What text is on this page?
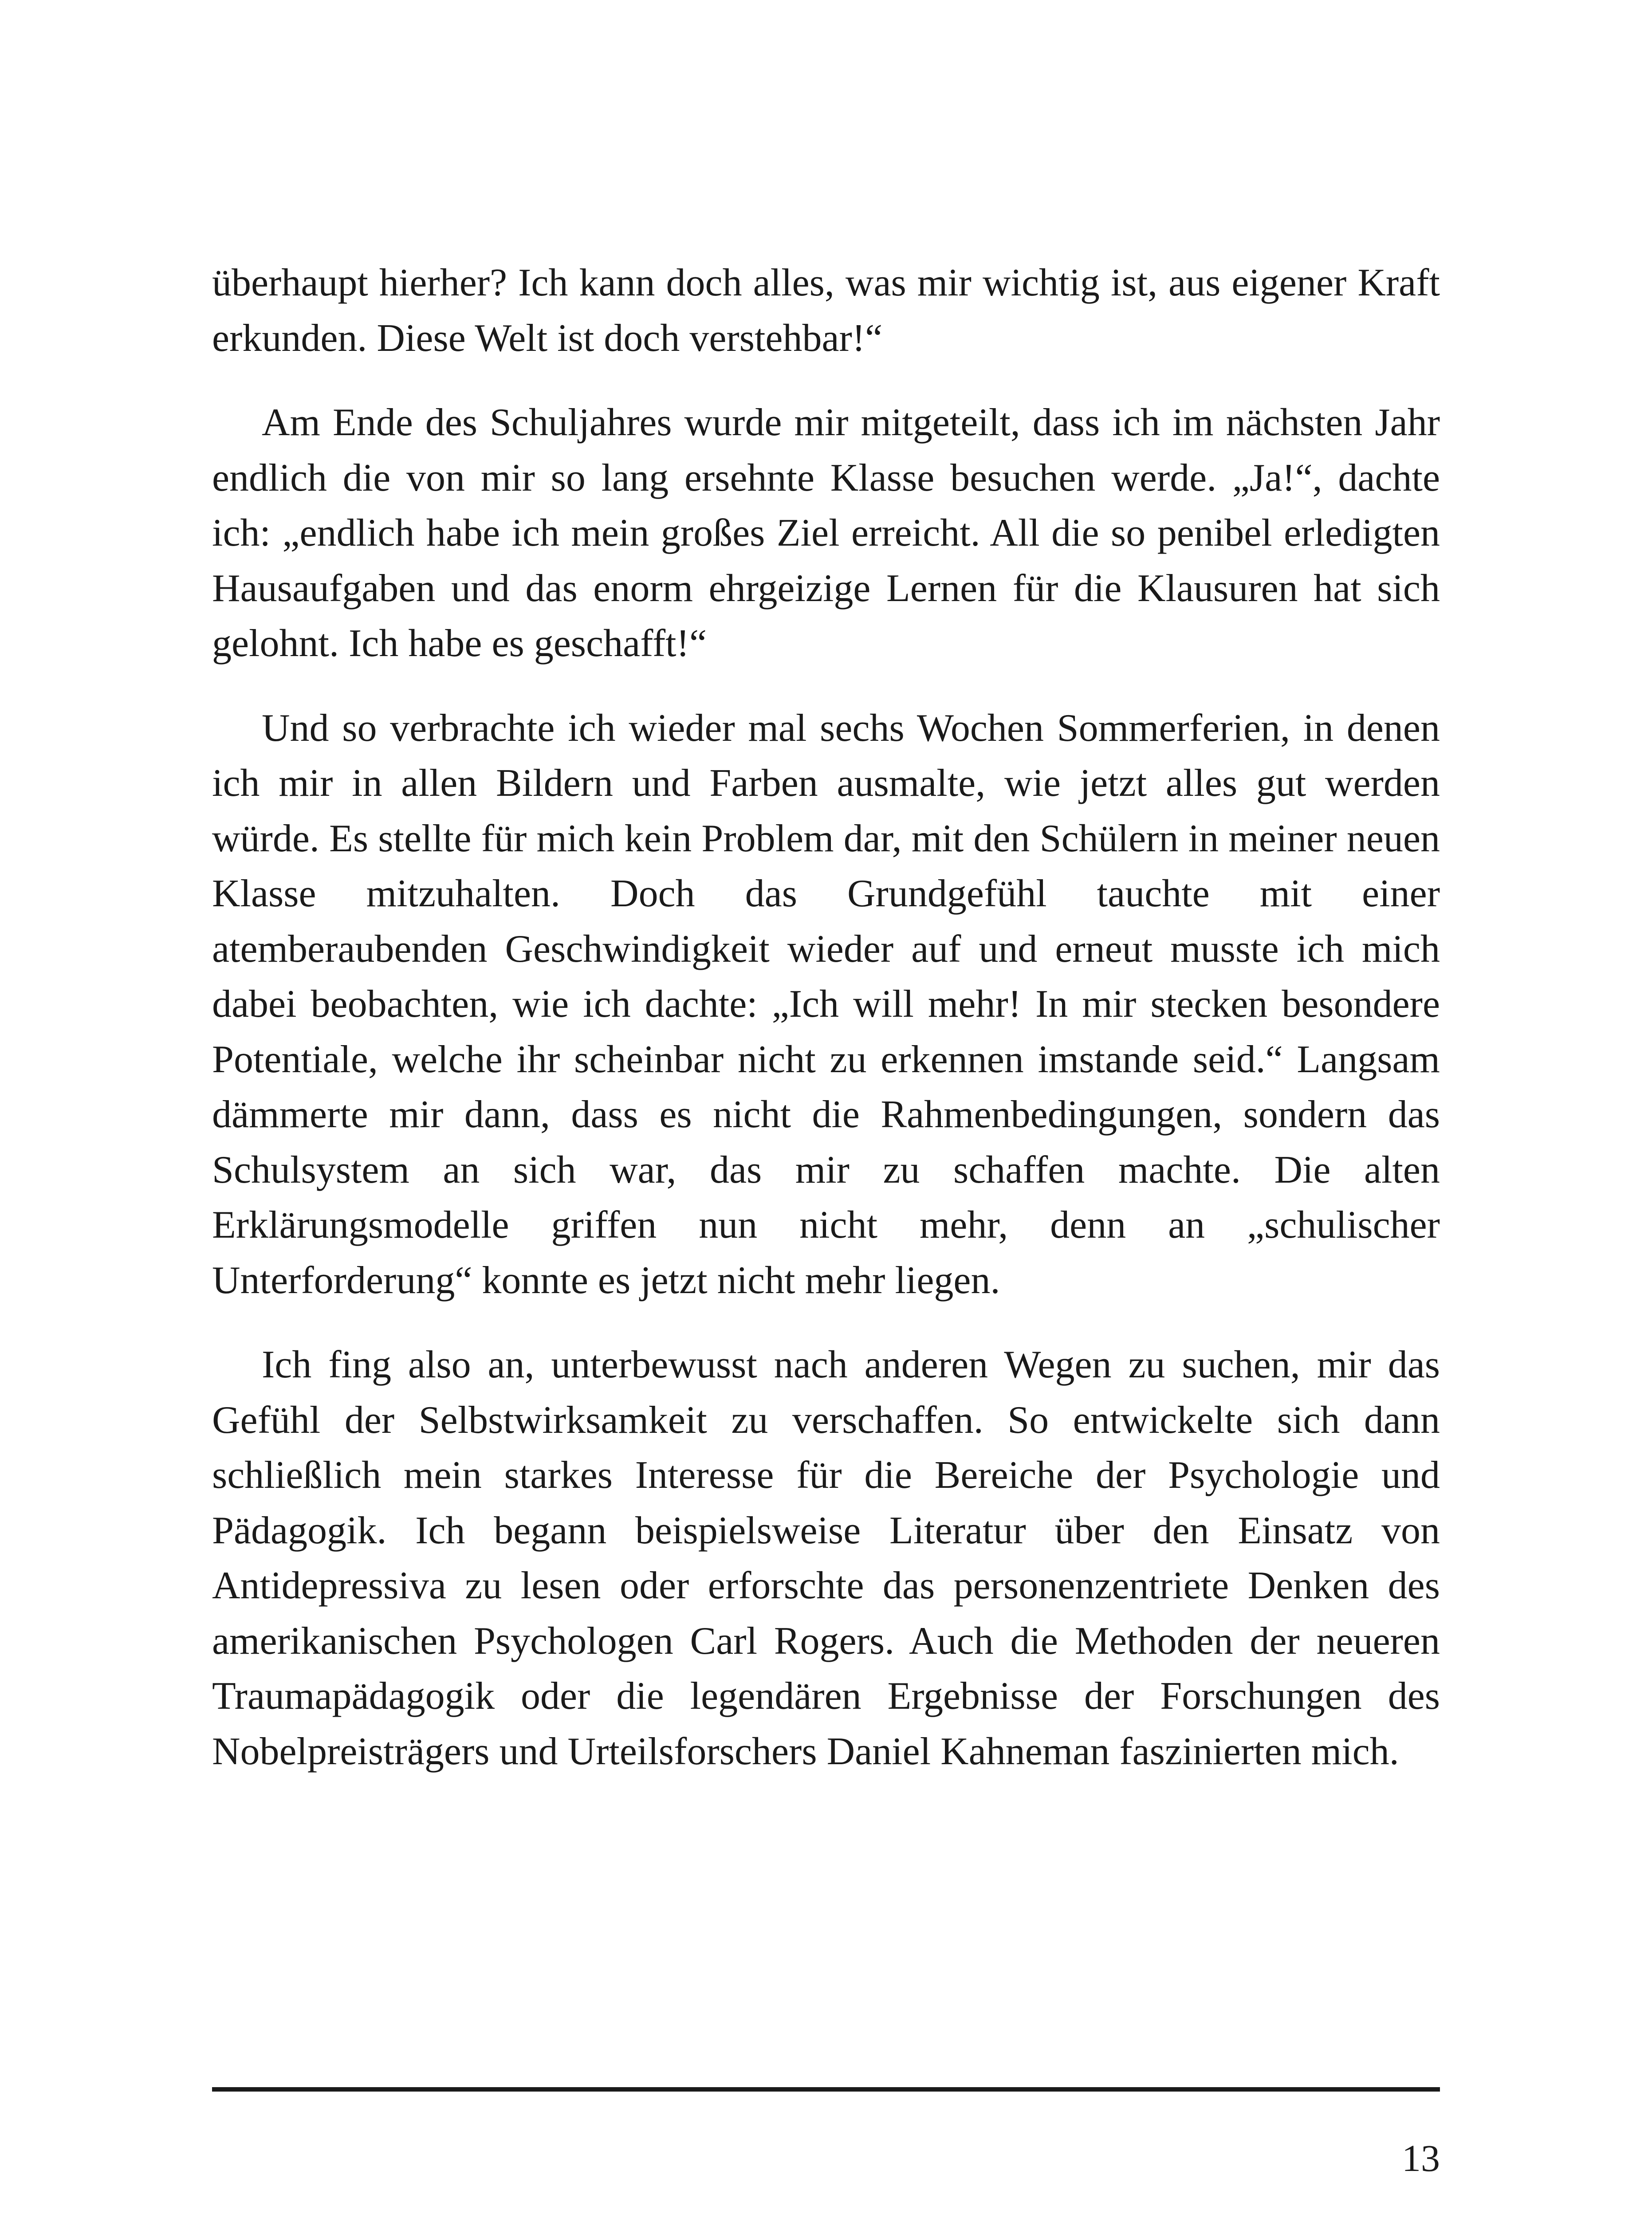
überhaupt hierher? Ich kann doch alles, was mir wichtig ist, aus eigener Kraft erkunden. Diese Welt ist doch verstehbar!“

Am Ende des Schuljahres wurde mir mitgeteilt, dass ich im nächsten Jahr endlich die von mir so lang ersehnte Klasse besuchen werde. „Ja!“, dachte ich: „endlich habe ich mein großes Ziel erreicht. All die so penibel erledigten Hausaufgaben und das enorm ehrgeizige Lernen für die Klausuren hat sich gelohnt. Ich habe es geschafft!“

Und so verbrachte ich wieder mal sechs Wochen Sommerferien, in denen ich mir in allen Bildern und Farben ausmalte, wie jetzt alles gut werden würde. Es stellte für mich kein Problem dar, mit den Schülern in meiner neuen Klasse mitzuhalten. Doch das Grundgefühl tauchte mit einer atemberaubenden Geschwindigkeit wieder auf und erneut musste ich mich dabei beobachten, wie ich dachte: „Ich will mehr! In mir stecken besondere Potentiale, welche ihr scheinbar nicht zu erkennen imstande seid.“ Langsam dämmerte mir dann, dass es nicht die Rahmenbedingungen, sondern das Schulsystem an sich war, das mir zu schaffen machte. Die alten Erklärungsmodelle griffen nun nicht mehr, denn an „schulischer Unterforderung“ konnte es jetzt nicht mehr liegen.

Ich fing also an, unterbewusst nach anderen Wegen zu suchen, mir das Gefühl der Selbstwirksamkeit zu verschaffen. So entwickelte sich dann schließlich mein starkes Interesse für die Bereiche der Psychologie und Pädagogik. Ich begann beispielsweise Literatur über den Einsatz von Antidepressiva zu lesen oder erforschte das personenzentriete Denken des amerikanischen Psychologen Carl Rogers. Auch die Methoden der neueren Traumapädagogik oder die legendären Ergebnisse der Forschungen des Nobelpreisträgers und Urteilsforschers Daniel Kahneman faszinierten mich.

13
